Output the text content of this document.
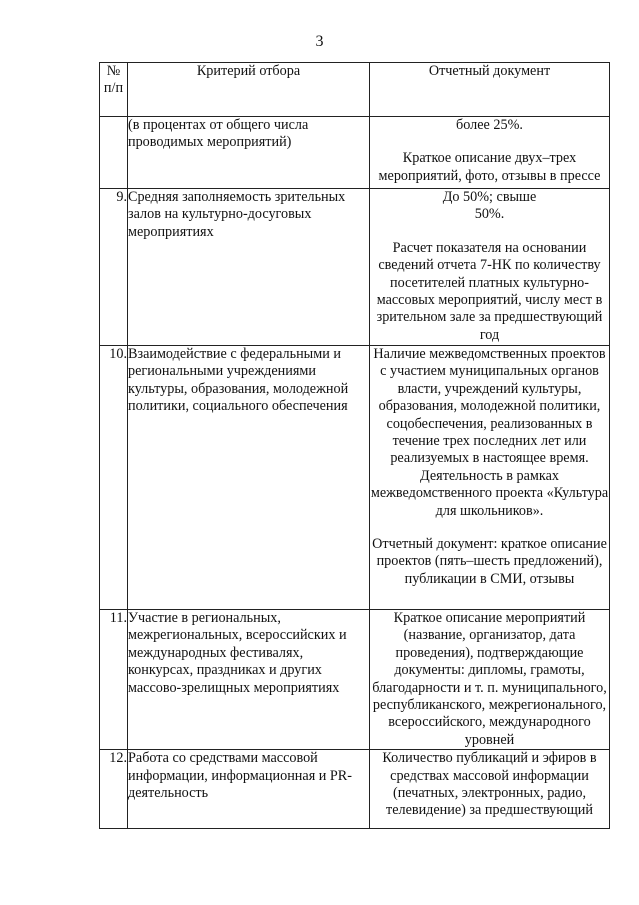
3
№
п/п	Критерий отбора	Отчетный документ
	(в процентах от общего числа проводимых мероприятий)	более 25%.

Краткое описание двух–трех мероприятий, фото, отзывы в прессе

9.	Средняя заполняемость зрительных залов на культурно-досуговых мероприятиях	До 50%; свыше 50%.

Расчет показателя на основании сведений отчета 7-НК по количеству посетителей платных культурно-массовых мероприятий, числу мест в зрительном зале за предшествующий год

10.	Взаимодействие с федеральными и региональными учреждениями культуры, образования, молодежной политики, социального обеспечения	Наличие межведомственных проектов с участием муниципальных органов власти, учреждений культуры, образования, молодежной политики, соцобеспечения, реализованных в течение трех последних лет или реализуемых в настоящее время. Деятельность в рамках межведомственного проекта «Культура для школьников».

Отчетный документ: краткое описание проектов (пять–шесть предложений), публикации в СМИ, отзывы

11.	Участие в региональных, межрегиональных, всероссийских и международных фестивалях, конкурсах, праздниках и других массово-зрелищных мероприятиях	Краткое описание мероприятий (название, организатор, дата проведения), подтверждающие документы: дипломы, грамоты, благодарности и т. п. муниципального, республиканского, межрегионального, всероссийского, международного уровней

12.	Работа со средствами массовой информации, информационная и PR-деятельность	Количество публикаций и эфиров в средствах массовой информации (печатных, электронных, радио, телевидение) за предшествующий
